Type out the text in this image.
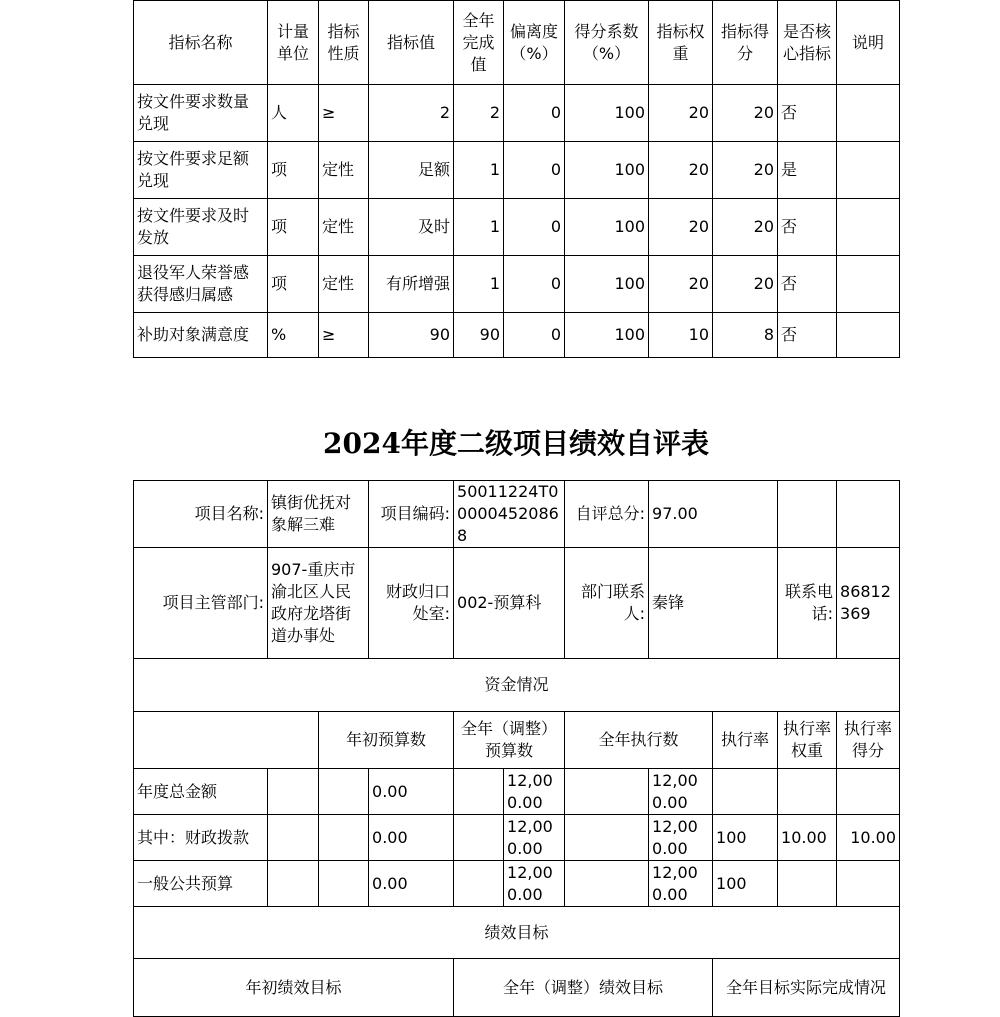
指标名称	计量单位	指标性质	指标值	全年完成值	偏离度（%）	得分系数（%）	指标权重	指标得分	是否核心指标	说明
按文件要求数量兑现	人	≥	2	2	0	100	20	20	否	
按文件要求足额兑现	项	定性	足额	1	0	100	20	20	是	
按文件要求及时发放	项	定性	及时	1	0	100	20	20	否	
退役军人荣誉感获得感归属感	项	定性	有所增强	1	0	100	20	20	否	
补助对象满意度	%	≥	90	90	0	100	10	8	否	
2024年度二级项目绩效自评表
项目名称:	镇街优抚对象解三难		项目编码:	50011224T000004520868		自评总分:	97.00			
项目主管部门:	907-重庆市渝北区人民政府龙塔街道办事处		财政归口处室:	002-预算科		部门联系人:	秦锋		联系电话:	86812369
资金情况										
		年初预算数		全年（调整）预算数		全年执行数		执行率	执行率权重	执行率得分
年度总金额			0.00		12,000.00		12,000.00			
其中：财政拨款			0.00		12,000.00		12,000.00	100	10.00	10.00
一般公共预算			0.00		12,000.00		12,000.00	100		
绩效目标										
年初绩效目标				全年（调整）绩效目标				全年目标实际完成情况		
